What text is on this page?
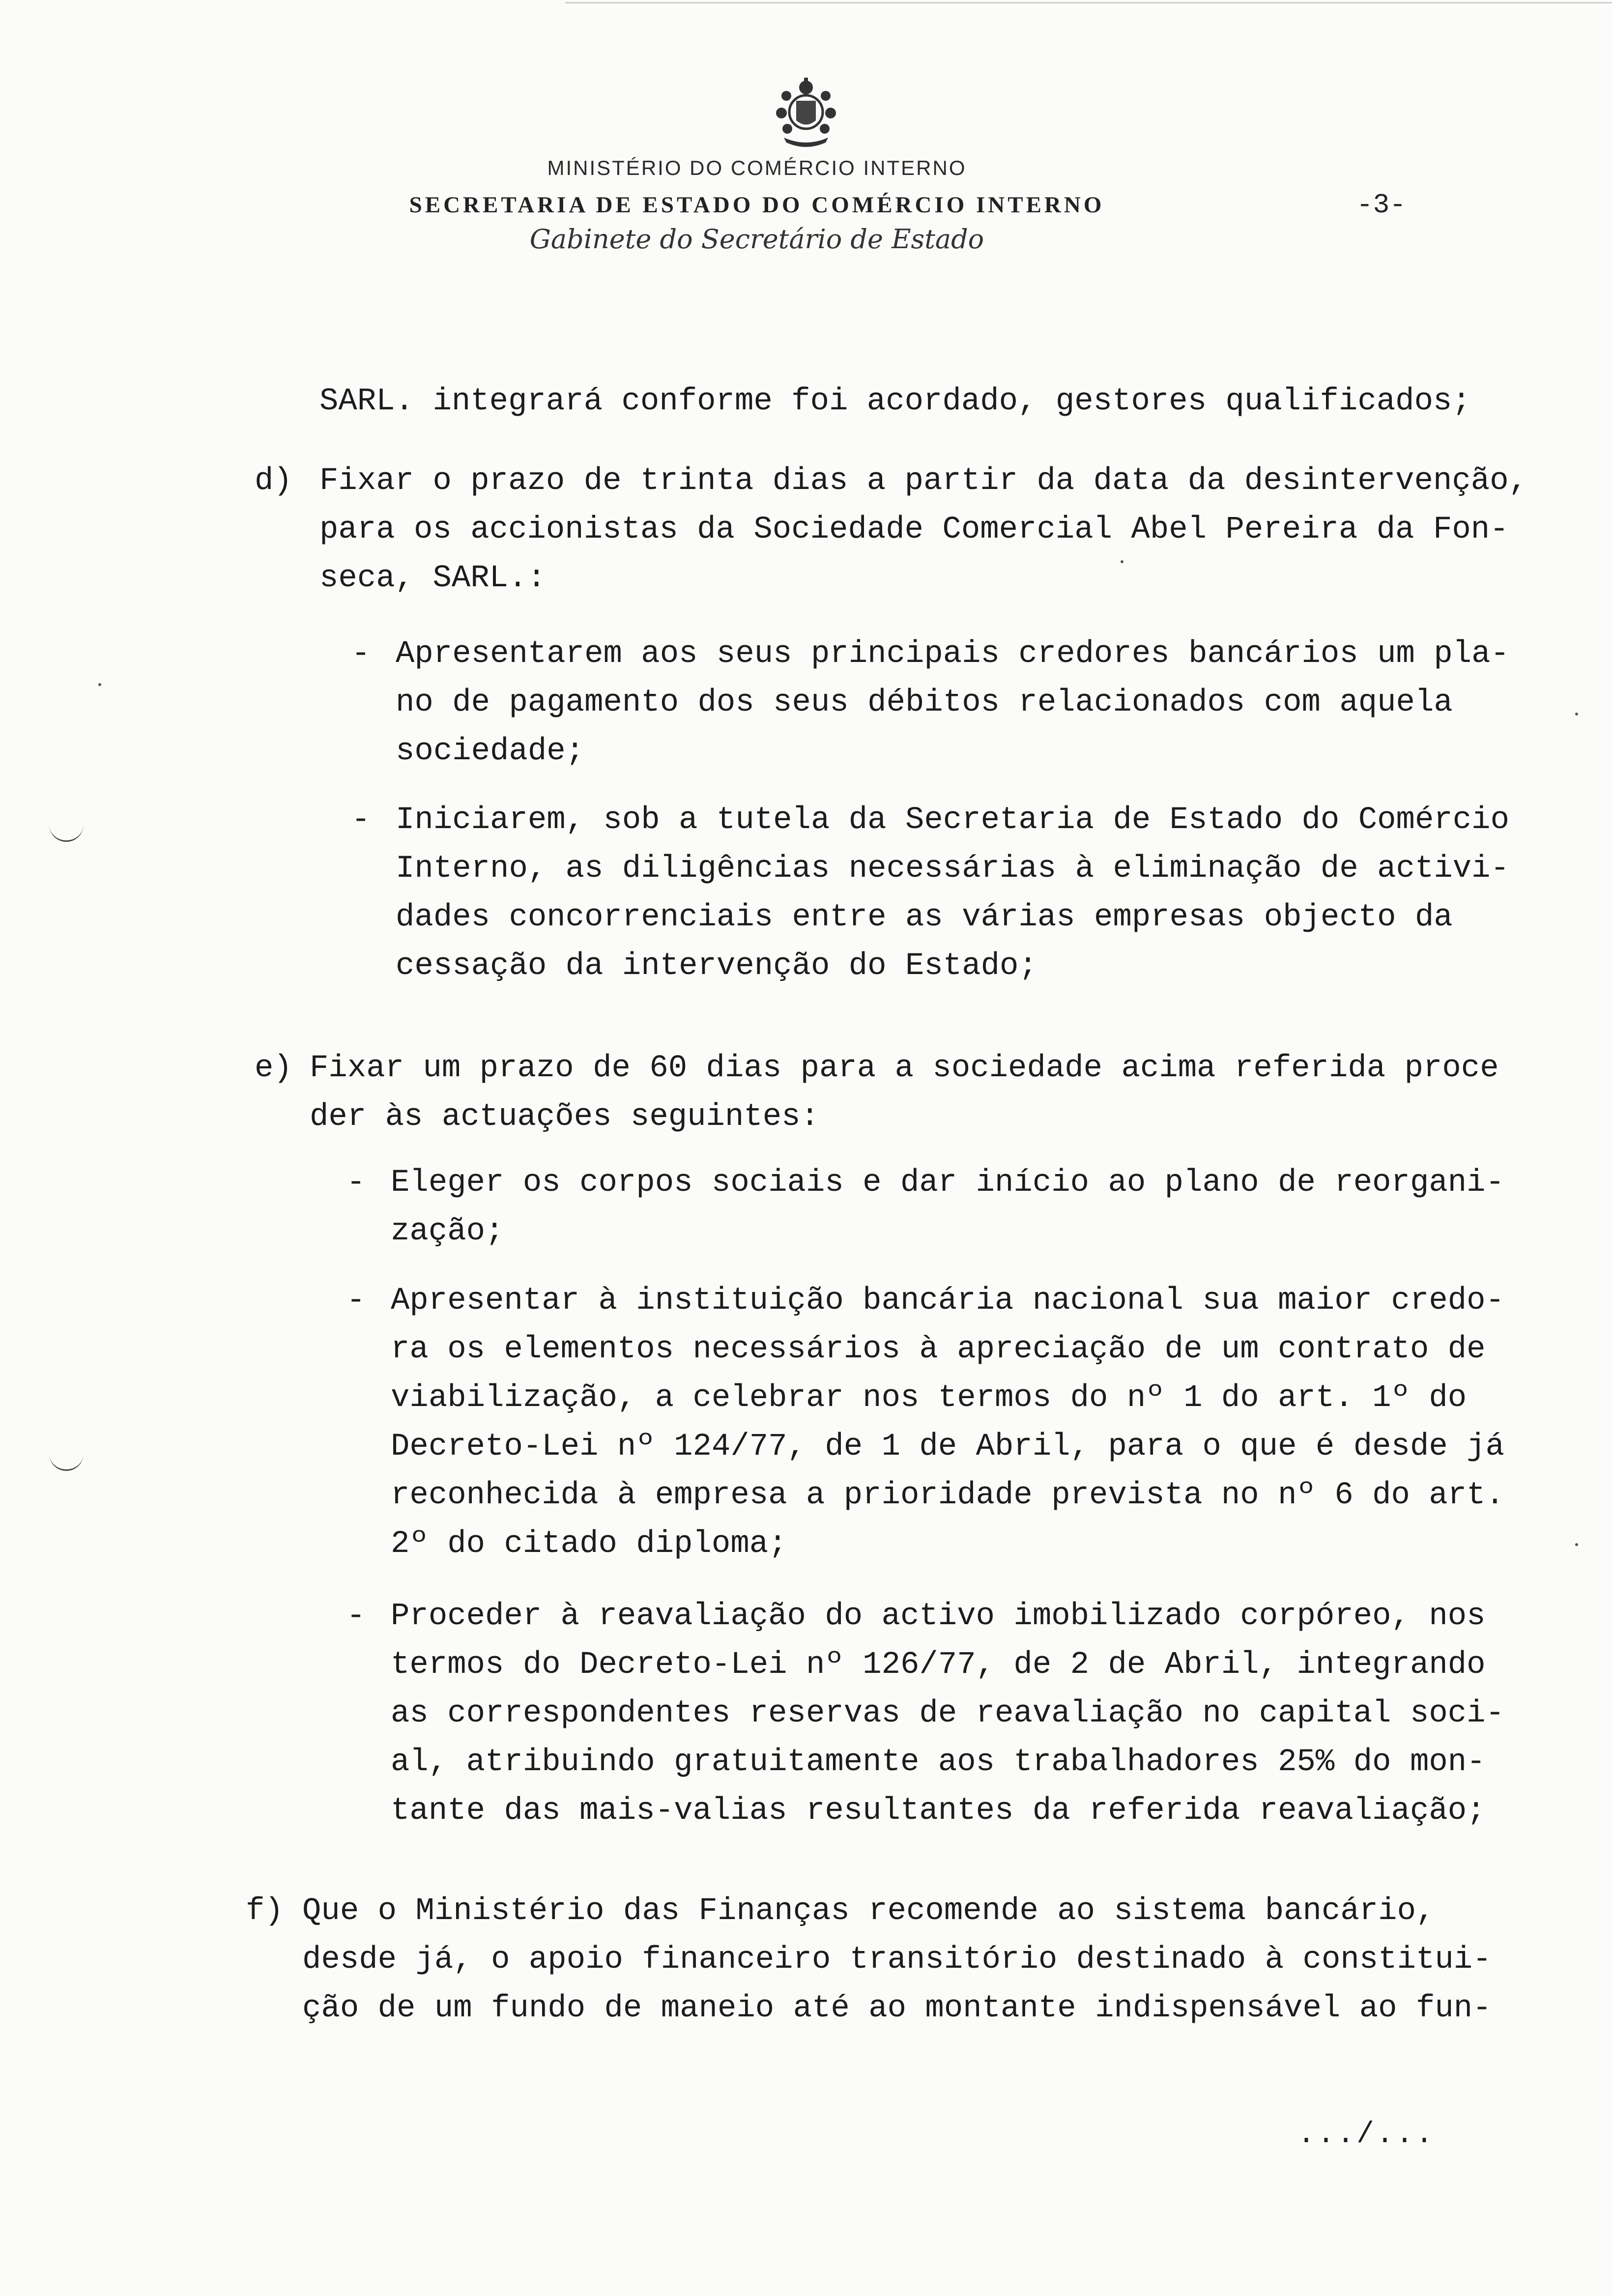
MINISTÉRIO DO COMÉRCIO INTERNO
SECRETARIA DE ESTADO DO COMÉRCIO INTERNO
Gabinete do Secretário de Estado
-3-
SARL. integrará conforme foi acordado, gestores qualificados;
d) Fixar o prazo de trinta dias a partir da data da desintervenção,
para os accionistas da Sociedade Comercial Abel Pereira da Fon-
seca, SARL.:
- Apresentarem aos seus principais credores bancários um pla-
no de pagamento dos seus débitos relacionados com aquela
sociedade;
- Iniciarem, sob a tutela da Secretaria de Estado do Comércio
Interno, as diligências necessárias à eliminação de activi-
dades concorrenciais entre as várias empresas objecto da
cessação da intervenção do Estado;
e) Fixar um prazo de 60 dias para a sociedade acima referida proce
der às actuações seguintes:
- Eleger os corpos sociais e dar início ao plano de reorgani-
zação;
- Apresentar à instituição bancária nacional sua maior credo-
ra os elementos necessários à apreciação de um contrato de
viabilização, a celebrar nos termos do nº 1 do art. 1º do
Decreto-Lei nº 124/77, de 1 de Abril, para o que é desde já
reconhecida à empresa a prioridade prevista no nº 6 do art.
2º do citado diploma;
- Proceder à reavaliação do activo imobilizado corpóreo, nos
termos do Decreto-Lei nº 126/77, de 2 de Abril, integrando
as correspondentes reservas de reavaliação no capital soci-
al, atribuindo gratuitamente aos trabalhadores 25% do mon-
tante das mais-valias resultantes da referida reavaliação;
f) Que o Ministério das Finanças recomende ao sistema bancário,
desde já, o apoio financeiro transitório destinado à constitui-
ção de um fundo de maneio até ao montante indispensável ao fun-
.../...
